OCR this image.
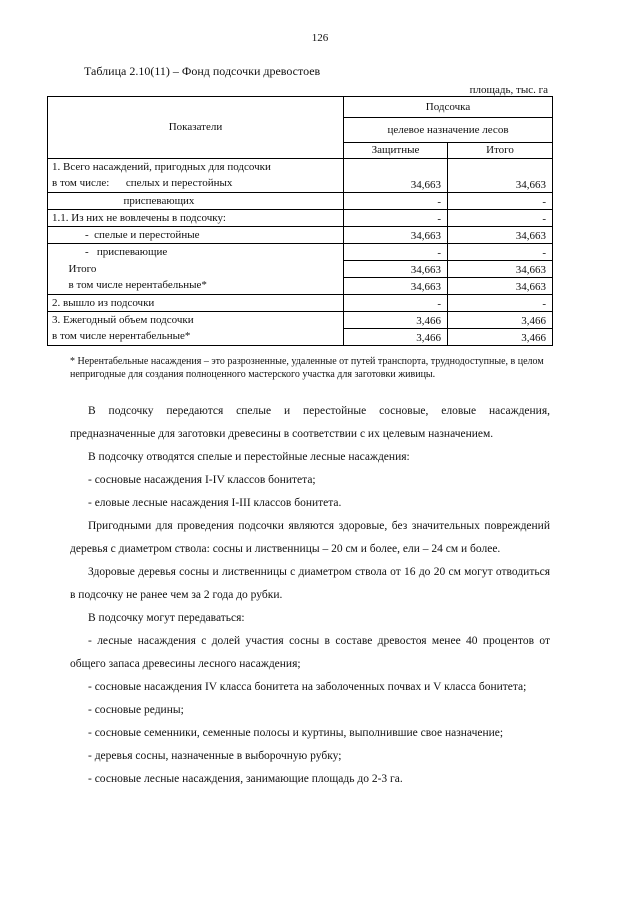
126
Таблица 2.10(11) – Фонд подсочки древостоев
площадь, тыс. га
Показатели	Подсочка	
	целевое назначение лесов	
	Защитные	Итого
1. Всего насаждений, пригодных для подсочки		
в том числе:      спелых и перестойных	34,663	34,663
приспевающих	-	-
1.1. Из них не вовлечены в подсочку:	-	-
-  спелые и перестойные	34,663	34,663
-   приспевающие	-	-
Итого	34,663	34,663
в том числе нерентабельные*	34,663	34,663
2. вышло из подсочки	-	-
3. Ежегодный объем подсочки	3,466	3,466
в том числе нерентабельные*	3,466	3,466
* Нерентабельные насаждения – это разрозненные, удаленные от путей транспорта, труднодоступные, в целом непригодные для создания полноценного мастерского участка для заготовки живицы.

В подсочку передаются спелые и перестойные сосновые, еловые насаждения, предназначенные для заготовки древесины в соответствии с их целевым назначением.

В подсочку отводятся спелые и перестойные лесные насаждения:

- сосновые насаждения I-IV классов бонитета;

- еловые лесные насаждения I-III классов бонитета.

Пригодными для проведения подсочки являются здоровые, без значительных повреждений деревья с диаметром ствола: сосны и лиственницы – 20 см и более, ели – 24 см и более.

Здоровые деревья сосны и лиственницы с диаметром ствола от 16 до 20 см могут отводиться в подсочку не ранее чем за 2 года до рубки.

В подсочку могут передаваться:

- лесные насаждения с долей участия сосны в составе древостоя менее 40 процентов от общего запаса древесины лесного насаждения;

- сосновые насаждения IV класса бонитета на заболоченных почвах и V класса бонитета;

- сосновые редины;

- сосновые семенники, семенные полосы и куртины, выполнившие свое назначение;

- деревья сосны, назначенные в выборочную рубку;

- сосновые лесные насаждения, занимающие площадь до 2-3 га.
